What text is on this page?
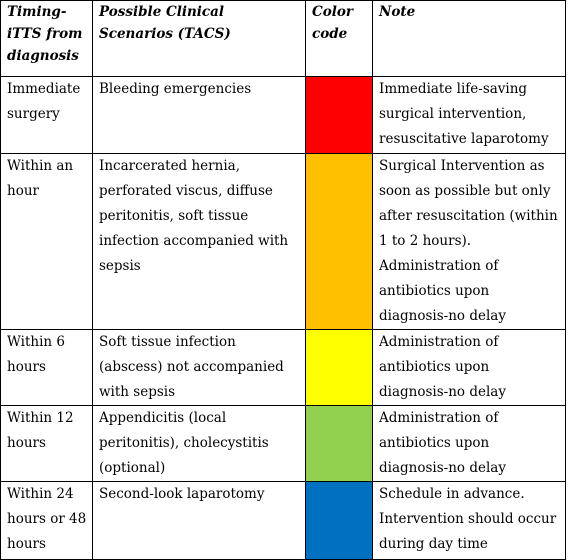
Timing-iTTS from diagnosis	Possible Clinical Scenarios (TACS)	Color code	Note

Immediate surgery	Bleeding emergencies		Immediate life-saving surgical intervention, resuscitative laparotomy

Within an hour	Incarcerated hernia, perforated viscus, diffuse peritonitis, soft tissue infection accompanied with sepsis		Surgical Intervention as soon as possible but only after resuscitation (within 1 to 2 hours). Administration of antibiotics upon diagnosis-no delay

Within 6 hours	Soft tissue infection (abscess) not accompanied with sepsis		Administration of antibiotics upon diagnosis-no delay

Within 12 hours	Appendicitis (local peritonitis), cholecystitis (optional)		Administration of antibiotics upon diagnosis-no delay

Within 24 hours or 48 hours	Second-look laparotomy		Schedule in advance. Intervention should occur during day time
